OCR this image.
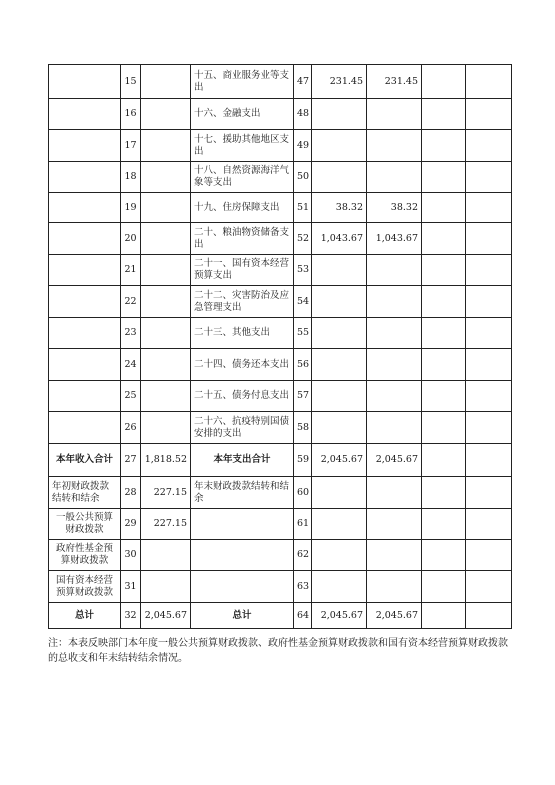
	15		十五、商业服务业等支出	47	231.45	231.45		
	16		十六、金融支出	48				
	17		十七、援助其他地区支出	49				
	18		十八、自然资源海洋气象等支出	50				
	19		十九、住房保障支出	51	38.32	38.32		
	20		二十、粮油物资储备支出	52	1,043.67	1,043.67		
	21		二十一、国有资本经营预算支出	53				
	22		二十二、灾害防治及应急管理支出	54				
	23		二十三、其他支出	55				
	24		二十四、债务还本支出	56				
	25		二十五、债务付息支出	57				
	26		二十六、抗疫特别国债安排的支出	58				
本年收入合计	27	1,818.52	本年支出合计	59	2,045.67	2,045.67		
年初财政拨款结转和结余	28	227.15	年末财政拨款结转和结余	60				
一般公共预算财政拨款	29	227.15		61				
政府性基金预算财政拨款	30			62				
国有资本经营预算财政拨款	31			63				
总计	32	2,045.67	总计	64	2,045.67	2,045.67		
注：本表反映部门本年度一般公共预算财政拨款、政府性基金预算财政拨款和国有资本经营预算财政拨款的总收支和年末结转结余情况。
